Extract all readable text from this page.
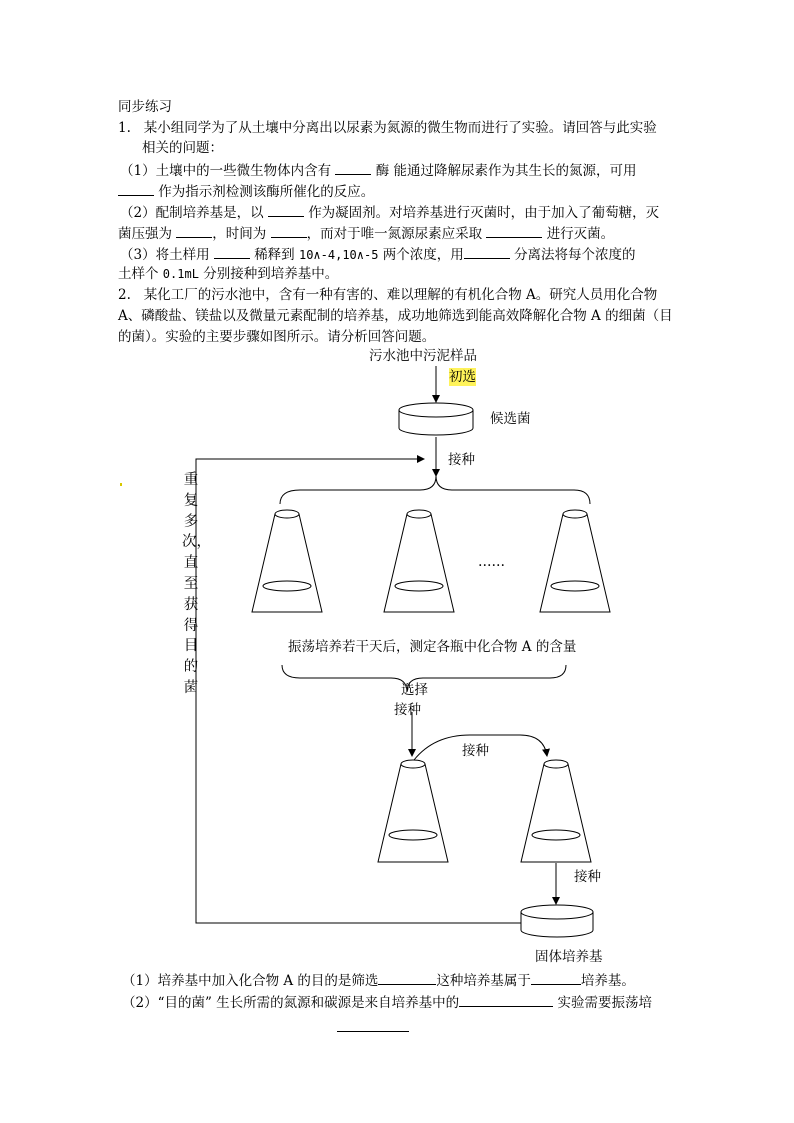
同步练习
1. 某小组同学为了从土壤中分离出以尿素为氮源的微生物而进行了实验。请回答与此实验
相关的问题：
（1）土壤中的一些微生物体内含有	酶 能通过降解尿素作为其生长的氮源，可用
作为指示剂检测该酶所催化的反应。
（2）配制培养基是，以	作为凝固剂。对培养基进行灭菌时，由于加入了葡萄糖，灭
菌压强为	，时间为	，而对于唯一氮源尿素应采取	进行灭菌。
（3）将土样用	稀释到 10∧-4,10∧-5 两个浓度，用	分离法将每个浓度的
土样个 0.1mL 分别接种到培养基中。
2. 某化工厂的污水池中，含有一种有害的、难以理解的有机化合物 A。研究人员用化合物
A、磷酸盐、镁盐以及微量元素配制的培养基，成功地筛选到能高效降解化合物 A 的细菌（目
的菌）。实验的主要步骤如图所示。请分析回答问题。
污水池中污泥样品
初选
候选菌
接种
……
振荡培养若干天后，测定各瓶中化合物 A 的含量
选择
接种
接种
接种
固体培养基
重复多次，直至获得目的菌
（1）培养基中加入化合物 A 的目的是筛选	这种培养基属于	培养基。
（2）“目的菌” 生长所需的氮源和碳源是来自培养基中的	实验需要振荡培
